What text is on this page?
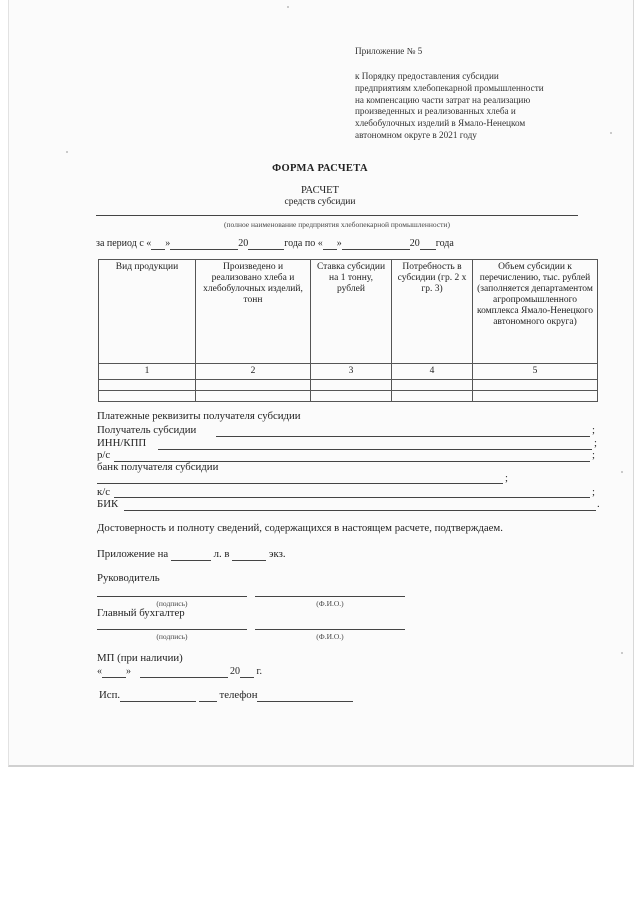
Приложение № 5
к Порядку предоставления субсидии
предприятиям хлебопекарной промышленности
на компенсацию части затрат на реализацию
произведенных и реализованных хлеба и
хлебобулочных изделий в Ямало-Ненецком
автономном округе в 2021 году
ФОРМА РАСЧЕТА
РАСЧЕТ
средств субсидии
(полное наименование предприятия хлебопекарной промышленности)
за период с « »	20	года по « »	20 года
Вид продукции	Произведено и реализовано хлеба и хлебобулочных изделий, тонн	Ставка субсидии на 1 тонну, рублей	Потребность в субсидии (гр. 2 х гр. 3)	Объем субсидии к перечислению, тыс. рублей (заполняется департаментом агропромышленного комплекса Ямало-Ненецкого автономного округа)
1	2	3	4	5

Платежные реквизиты получателя субсидии
Получатель субсидии	;
ИНН/КПП	;
р/с	;
банк получателя субсидии
;
к/с	;
БИК	.
Достоверность и полноту сведений, содержащихся в настоящем расчете, подтверждаем.
Приложение на	л. в	экз.
Руководитель
(подпись)	(Ф.И.О.)
Главный бухгалтер
(подпись)	(Ф.И.О.)
МП (при наличии)
« »	20 г.
Исп.	телефон
